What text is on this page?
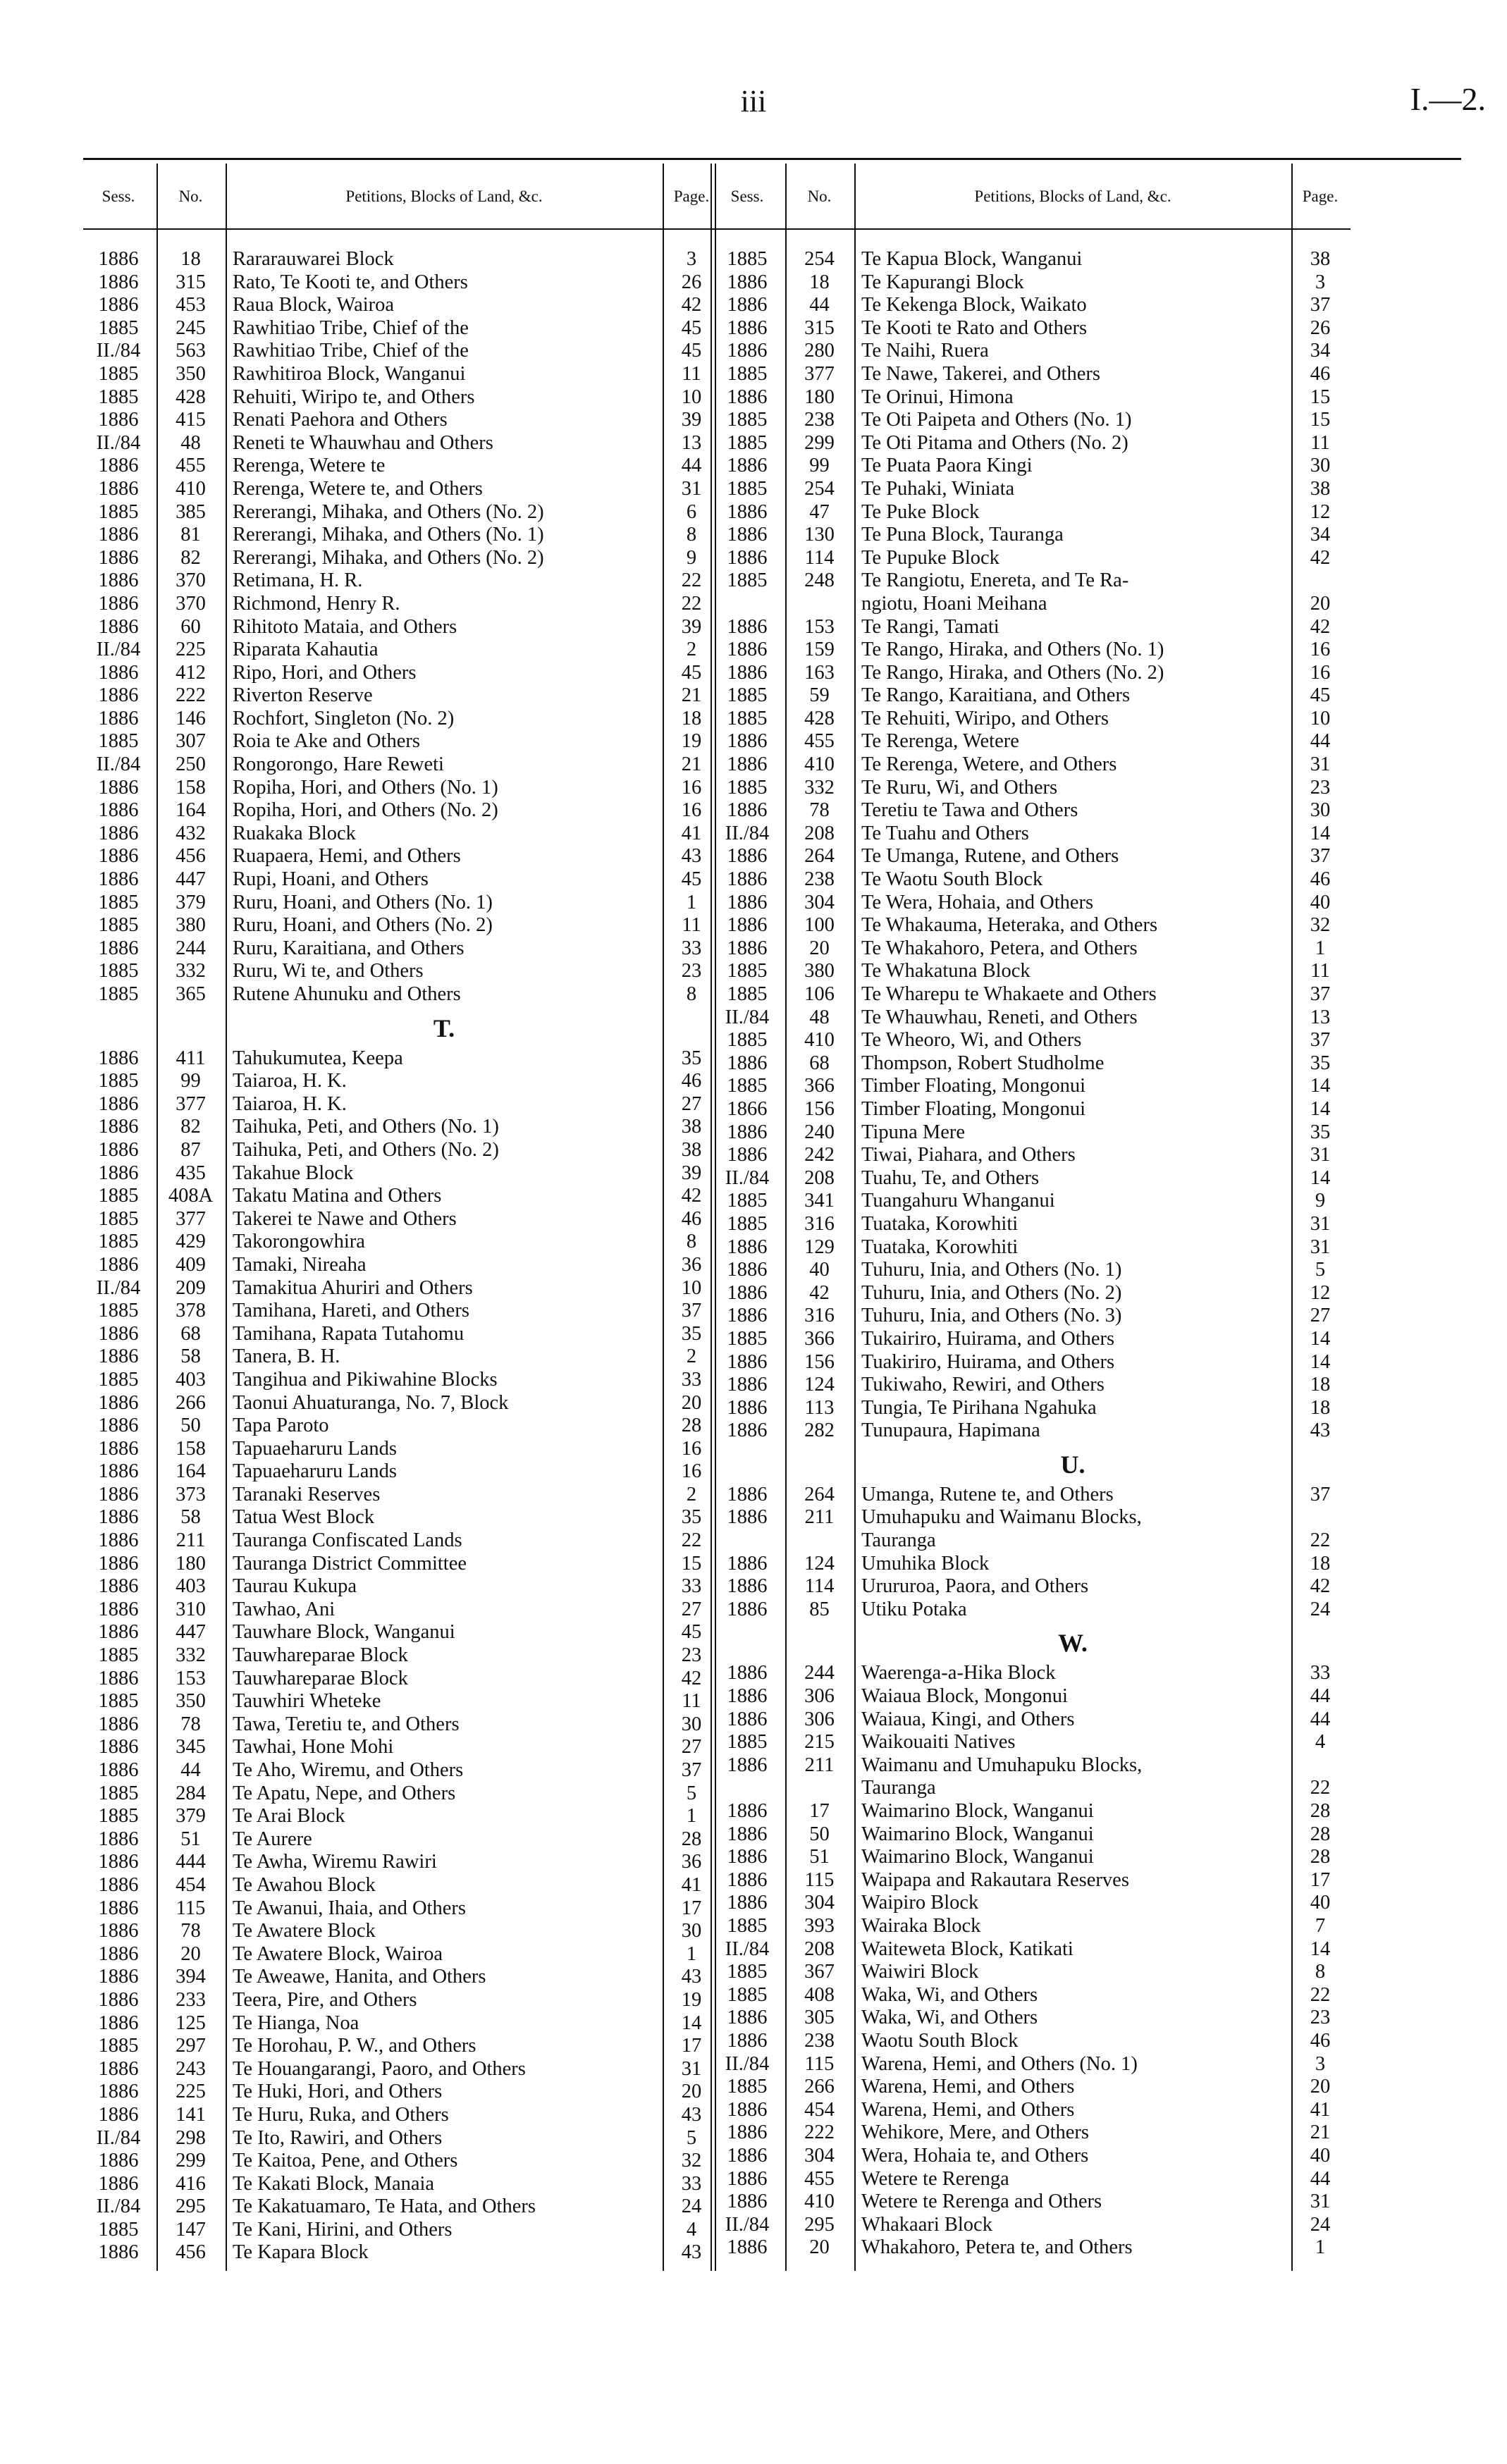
iii	I.—2.
Sess.	No.	Petitions, Blocks of Land, &c.	Page.
1886	18	Rararauwarei Block	3
1886	315	Rato, Te Kooti te, and Others	26
1886	453	Raua Block, Wairoa	42
1885	245	Rawhitiao Tribe, Chief of the	45
II./84	563	Rawhitiao Tribe, Chief of the	45
1885	350	Rawhitiroa Block, Wanganui	11
1885	428	Rehuiti, Wiripo te, and Others	10
1886	415	Renati Paehora and Others	39
II./84	48	Reneti te Whauwhau and Others	13
1886	455	Rerenga, Wetere te	44
1886	410	Rerenga, Wetere te, and Others	31
1885	385	Rererangi, Mihaka, and Others (No. 2)	6
1886	81	Rererangi, Mihaka, and Others (No. 1)	8
1886	82	Rererangi, Mihaka, and Others (No. 2)	9
1886	370	Retimana, H. R.	22
1886	370	Richmond, Henry R.	22
1886	60	Rihitoto Mataia, and Others	39
II./84	225	Riparata Kahautia	2
1886	412	Ripo, Hori, and Others	45
1886	222	Riverton Reserve	21
1886	146	Rochfort, Singleton (No. 2)	18
1885	307	Roia te Ake and Others	19
II./84	250	Rongorongo, Hare Reweti	21
1886	158	Ropiha, Hori, and Others (No. 1)	16
1886	164	Ropiha, Hori, and Others (No. 2)	16
1886	432	Ruakaka Block	41
1886	456	Ruapaera, Hemi, and Others	43
1886	447	Rupi, Hoani, and Others	45
1885	379	Ruru, Hoani, and Others (No. 1)	1
1885	380	Ruru, Hoani, and Others (No. 2)	11
1886	244	Ruru, Karaitiana, and Others	33
1885	332	Ruru, Wi te, and Others	23
1885	365	Rutene Ahunuku and Others	8
T.
1886	411	Tahukumutea, Keepa	35
1885	99	Taiaroa, H. K.	46
1886	377	Taiaroa, H. K.	27
1886	82	Taihuka, Peti, and Others (No. 1)	38
1886	87	Taihuka, Peti, and Others (No. 2)	38
1886	435	Takahue Block	39
1885	408A Takatu Matina and Others	42
1885	377	Takerei te Nawe and Others	46
1885	429	Takorongowhira	8
1886	409	Tamaki, Nireaha	36
II./84	209	Tamakitua Ahuriri and Others	10
1885	378	Tamihana, Hareti, and Others	37
1886	68	Tamihana, Rapata Tutahomu	35
1886	58	Tanera, B. H.	2
1885	403	Tangihua and Pikiwahine Blocks	33
1886	266	Taonui Ahuaturanga, No. 7, Block	20
1886	50	Tapa Paroto	28
1886	158	Tapuaeharuru Lands	16
1886	164	Tapuaeharuru Lands	16
1886	373	Taranaki Reserves	2
1886	58	Tatua West Block	35
1886	211	Tauranga Confiscated Lands	22
1886	180	Tauranga District Committee	15
1886	403	Taurau Kukupa	33
1886	310	Tawhao, Ani	27
1886	447	Tauwhare Block, Wanganui	45
1885	332	Tauwhareparae Block	23
1886	153	Tauwhareparae Block	42
1885	350	Tauwhiri Wheteke	11
1886	78	Tawa, Teretiu te, and Others	30
1886	345	Tawhai, Hone Mohi	27
1886	44	Te Aho, Wiremu, and Others	37
1885	284	Te Apatu, Nepe, and Others	5
1885	379	Te Arai Block	1
1886	51	Te Aurere	28
1886	444	Te Awha, Wiremu Rawiri	36
1886	454	Te Awahou Block	41
1886	115	Te Awanui, Ihaia, and Others	17
1886	78	Te Awatere Block	30
1886	20	Te Awatere Block, Wairoa	1
1886	394	Te Aweawe, Hanita, and Others	43
1886	233	Teera, Pire, and Others	19
1886	125	Te Hianga, Noa	14
1885	297	Te Horohau, P. W., and Others	17
1886	243	Te Houangarangi, Paoro, and Others	31
1886	225	Te Huki, Hori, and Others	20
1886	141	Te Huru, Ruka, and Others	43
II./84	298	Te Ito, Rawiri, and Others	5
1886	299	Te Kaitoa, Pene, and Others	32
1886	416	Te Kakati Block, Manaia	33
II./84	295	Te Kakatuamaro, Te Hata, and Others	24
1885	147	Te Kani, Hirini, and Others	4
1886	456	Te Kapara Block	43
Sess.	No.	Petitions, Blocks of Land, &c.	Page.
1885	254	Te Kapua Block, Wanganui	38
1886	18	Te Kapurangi Block	3
1886	44	Te Kekenga Block, Waikato	37
1886	315	Te Kooti te Rato and Others	26
1886	280	Te Naihi, Ruera	34
1885	377	Te Nawe, Takerei, and Others	46
1886	180	Te Orinui, Himona	15
1885	238	Te Oti Paipeta and Others (No. 1)	15
1885	299	Te Oti Pitama and Others (No. 2)	11
1886	99	Te Puata Paora Kingi	30
1885	254	Te Puhaki, Winiata	38
1886	47	Te Puke Block	12
1886	130	Te Puna Block, Tauranga	34
1886	114	Te Pupuke Block	42
1885	248	Te Rangiotu, Enereta, and Te Ra-
ngiotu, Hoani Meihana	20
1886	153	Te Rangi, Tamati	42
1886	159	Te Rango, Hiraka, and Others (No. 1)	16
1886	163	Te Rango, Hiraka, and Others (No. 2)	16
1885	59	Te Rango, Karaitiana, and Others	45
1885	428	Te Rehuiti, Wiripo, and Others	10
1886	455	Te Rerenga, Wetere	44
1886	410	Te Rerenga, Wetere, and Others	31
1885	332	Te Ruru, Wi, and Others	23
1886	78	Teretiu te Tawa and Others	30
II./84	208	Te Tuahu and Others	14
1886	264	Te Umanga, Rutene, and Others	37
1886	238	Te Waotu South Block	46
1886	304	Te Wera, Hohaia, and Others	40
1886	100	Te Whakauma, Heteraka, and Others	32
1886	20	Te Whakahoro, Petera, and Others	1
1885	380	Te Whakatuna Block	11
1885	106	Te Wharepu te Whakaete and Others	37
II./84	48	Te Whauwhau, Reneti, and Others	13
1885	410	Te Wheoro, Wi, and Others	37
1886	68	Thompson, Robert Studholme	35
1885	366	Timber Floating, Mongonui	14
1866	156	Timber Floating, Mongonui	14
1886	240	Tipuna Mere	35
1886	242	Tiwai, Piahara, and Others	31
II./84	208	Tuahu, Te, and Others	14
1885	341	Tuangahuru Whanganui	9
1885	316	Tuataka, Korowhiti	31
1886	129	Tuataka, Korowhiti	31
1886	40	Tuhuru, Inia, and Others (No. 1)	5
1886	42	Tuhuru, Inia, and Others (No. 2)	12
1886	316	Tuhuru, Inia, and Others (No. 3)	27
1885	366	Tukairiro, Huirama, and Others	14
1886	156	Tuakiriro, Huirama, and Others	14
1886	124	Tukiwaho, Rewiri, and Others	18
1886	113	Tungia, Te Pirihana Ngahuka	18
1886	282	Tunupaura, Hapimana	43
U.
1886	264	Umanga, Rutene te, and Others	37
1886	211	Umuhapuku and Waimanu Blocks,
Tauranga	22
1886	124	Umuhika Block	18
1886	114	Urururoa, Paora, and Others	42
1886	85	Utiku Potaka	24
W.
1886	244	Waerenga-a-Hika Block	33
1886	306	Waiaua Block, Mongonui	44
1886	306	Waiaua, Kingi, and Others	44
1885	215	Waikouaiti Natives	4
1886	211	Waimanu and Umuhapuku Blocks,
Tauranga	22
1886	17	Waimarino Block, Wanganui	28
1886	50	Waimarino Block, Wanganui	28
1886	51	Waimarino Block, Wanganui	28
1886	115	Waipapa and Rakautara Reserves	17
1886	304	Waipiro Block	40
1885	393	Wairaka Block	7
II./84	208	Waiteweta Block, Katikati	14
1885	367	Waiwiri Block	8
1885	408	Waka, Wi, and Others	22
1886	305	Waka, Wi, and Others	23
1886	238	Waotu South Block	46
II./84	115	Warena, Hemi, and Others (No. 1)	3
1885	266	Warena, Hemi, and Others	20
1886	454	Warena, Hemi, and Others	41
1886	222	Wehikore, Mere, and Others	21
1886	304	Wera, Hohaia te, and Others	40
1886	455	Wetere te Rerenga	44
1886	410	Wetere te Rerenga and Others	31
II./84	295	Whakaari Block	24
1886	20	Whakahoro, Petera te, and Others	1
